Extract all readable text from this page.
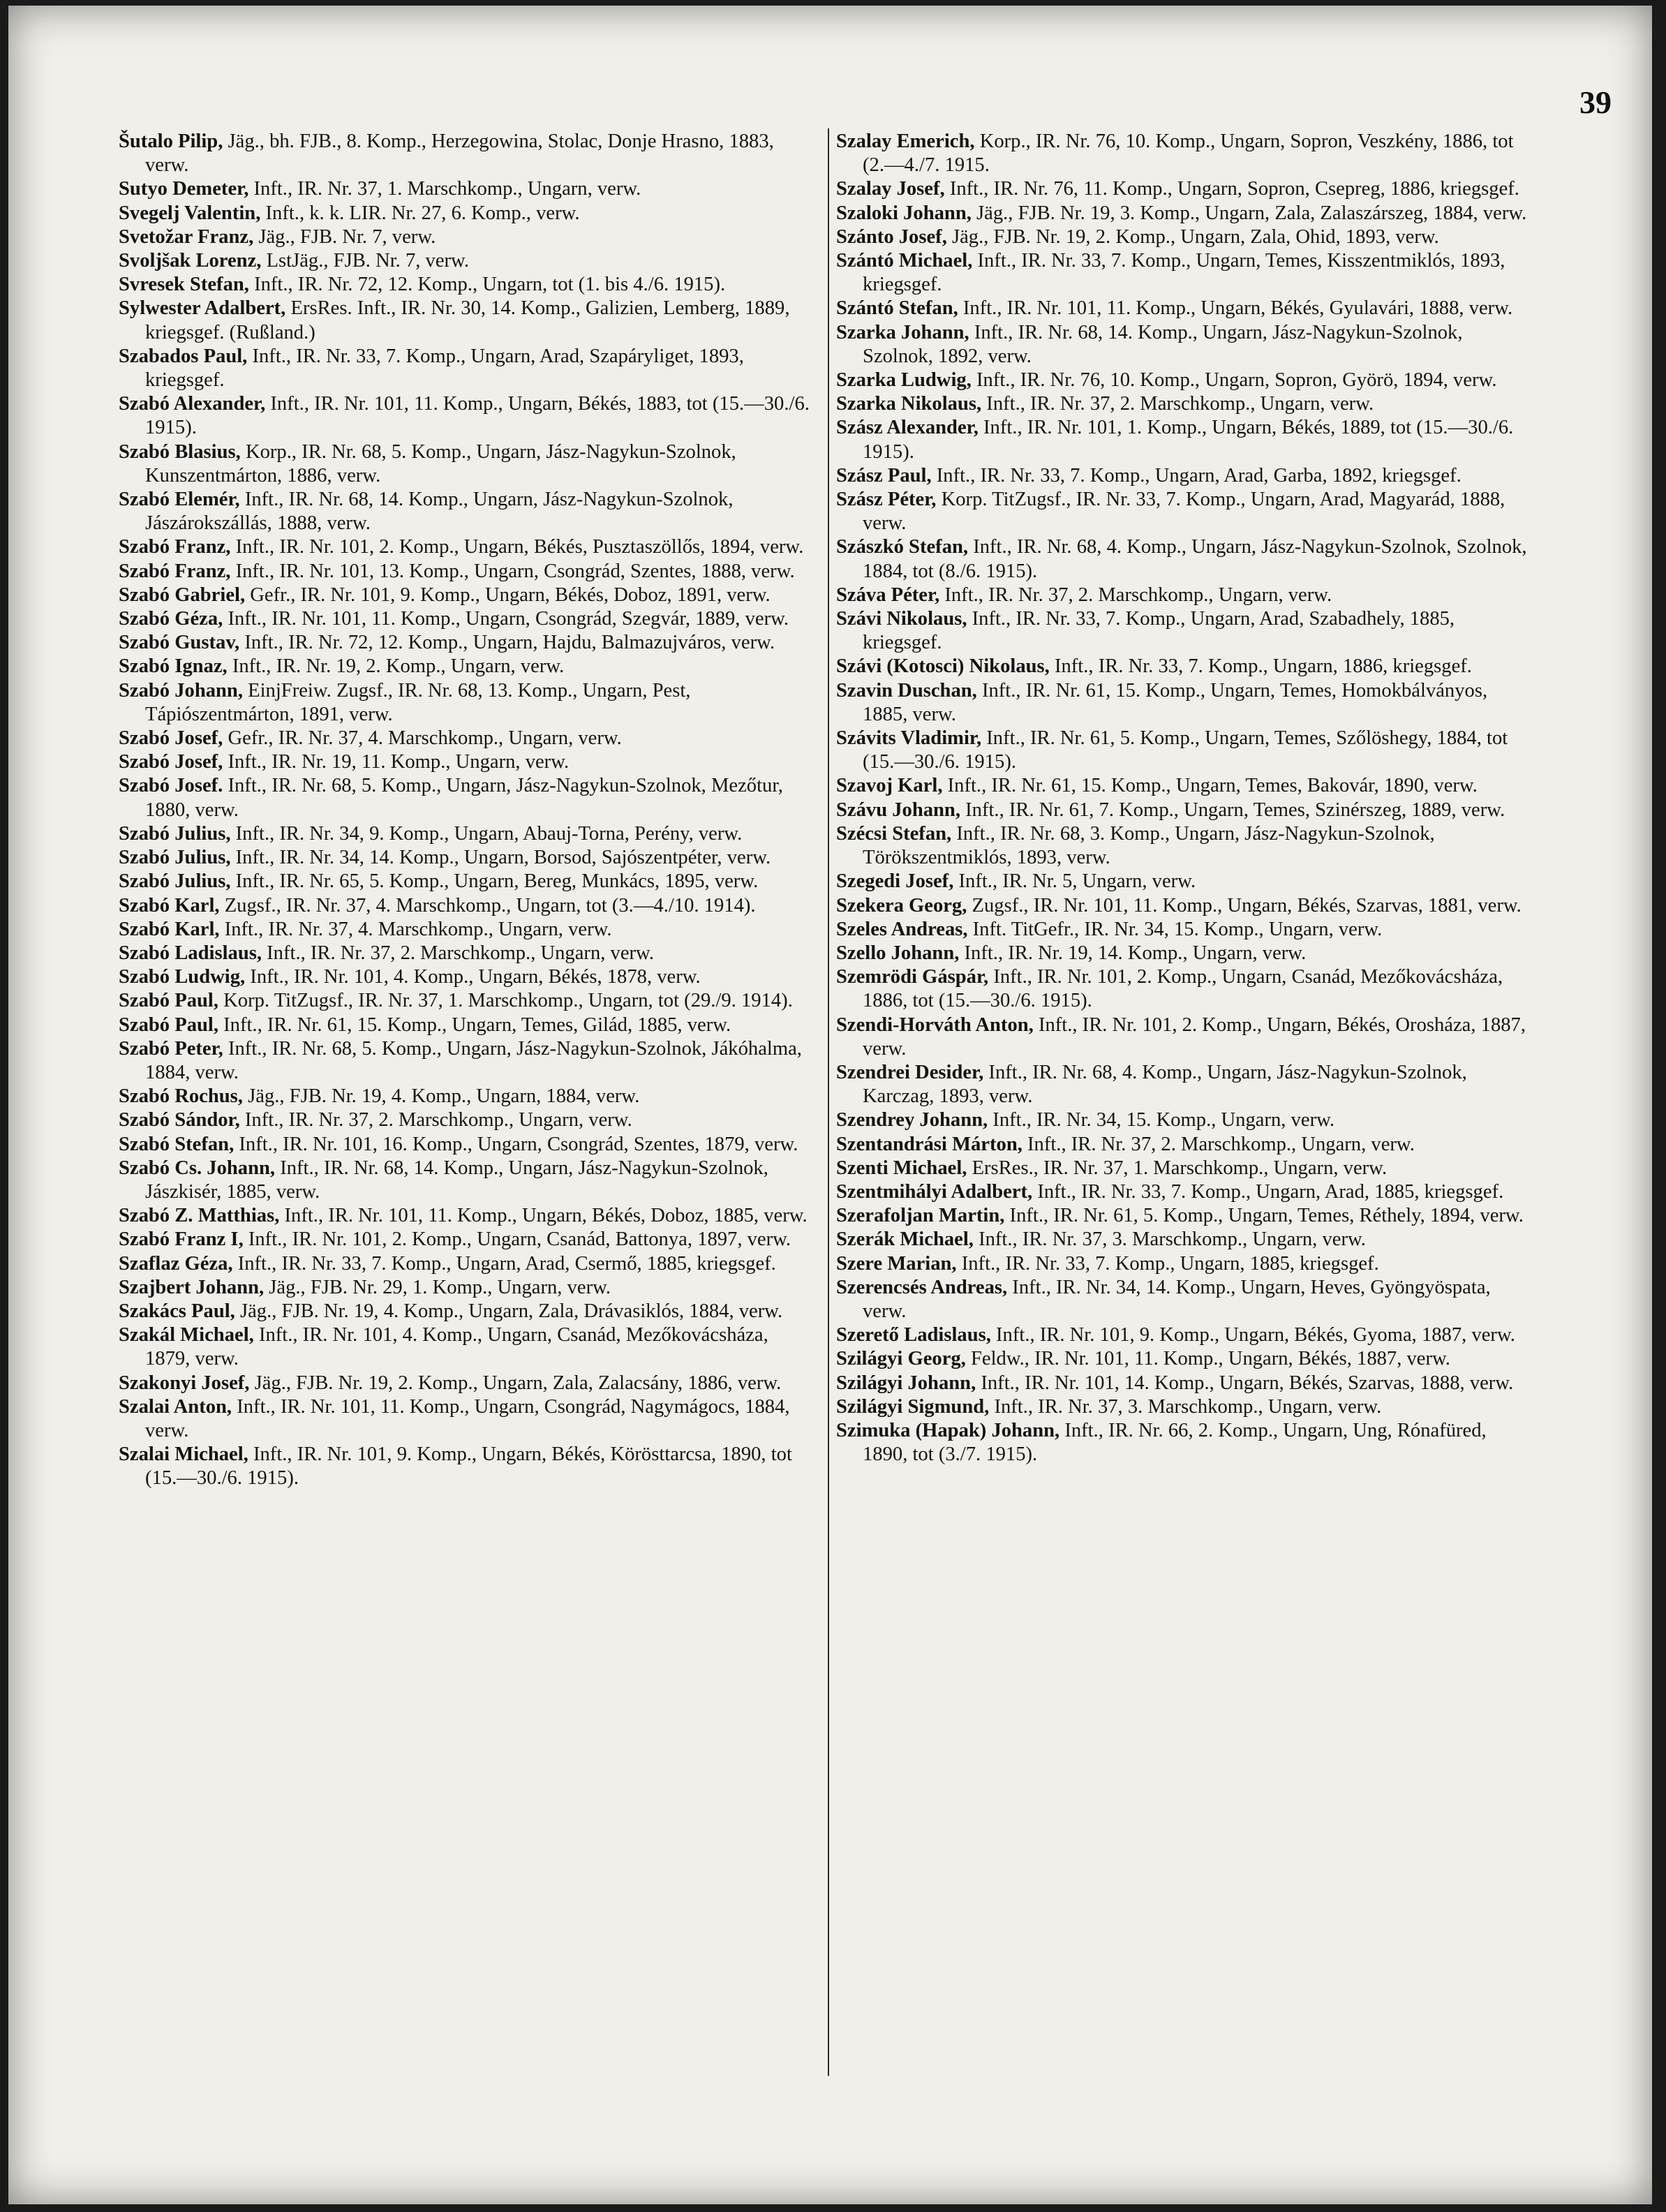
39

Šutalo Pilip, Jäg., bh. FJB., 8. Komp., Herzegowina, Stolac, Donje Hrasno, 1883, verw.

Sutyo Demeter, Inft., IR. Nr. 37, 1. Marschkomp., Ungarn, verw.

Svegelj Valentin, Inft., k. k. LIR. Nr. 27, 6. Komp., verw.

Svetožar Franz, Jäg., FJB. Nr. 7, verw.

Svoljšak Lorenz, LstJäg., FJB. Nr. 7, verw.

Svresek Stefan, Inft., IR. Nr. 72, 12. Komp., Ungarn, tot (1. bis 4./6. 1915).

Sylwester Adalbert, ErsRes. Inft., IR. Nr. 30, 14. Komp., Galizien, Lemberg, 1889, kriegsgef. (Rußland.)

Szabados Paul, Inft., IR. Nr. 33, 7. Komp., Ungarn, Arad, Szapáryliget, 1893, kriegsgef.

Szabó Alexander, Inft., IR. Nr. 101, 11. Komp., Ungarn, Békés, 1883, tot (15.—30./6. 1915).

Szabó Blasius, Korp., IR. Nr. 68, 5. Komp., Ungarn, Jász-Nagykun-Szolnok, Kunszentmárton, 1886, verw.

Szabó Elemér, Inft., IR. Nr. 68, 14. Komp., Ungarn, Jász-Nagykun-Szolnok, Jászárokszállás, 1888, verw.

Szabó Franz, Inft., IR. Nr. 101, 2. Komp., Ungarn, Békés, Pusztaszöllős, 1894, verw.

Szabó Franz, Inft., IR. Nr. 101, 13. Komp., Ungarn, Csongrád, Szentes, 1888, verw.

Szabó Gabriel, Gefr., IR. Nr. 101, 9. Komp., Ungarn, Békés, Doboz, 1891, verw.

Szabó Géza, Inft., IR. Nr. 101, 11. Komp., Ungarn, Csongrád, Szegvár, 1889, verw.

Szabó Gustav, Inft., IR. Nr. 72, 12. Komp., Ungarn, Hajdu, Balmazujváros, verw.

Szabó Ignaz, Inft., IR. Nr. 19, 2. Komp., Ungarn, verw.

Szabó Johann, EinjFreiw. Zugsf., IR. Nr. 68, 13. Komp., Ungarn, Pest, Tápiószentmárton, 1891, verw.

Szabó Josef, Gefr., IR. Nr. 37, 4. Marschkomp., Ungarn, verw.

Szabó Josef, Inft., IR. Nr. 19, 11. Komp., Ungarn, verw.

Szabó Josef. Inft., IR. Nr. 68, 5. Komp., Ungarn, Jász-Nagykun-Szolnok, Mezőtur, 1880, verw.

Szabó Julius, Inft., IR. Nr. 34, 9. Komp., Ungarn, Abauj-Torna, Perény, verw.

Szabó Julius, Inft., IR. Nr. 34, 14. Komp., Ungarn, Borsod, Sajószentpéter, verw.

Szabó Julius, Inft., IR. Nr. 65, 5. Komp., Ungarn, Bereg, Munkács, 1895, verw.

Szabó Karl, Zugsf., IR. Nr. 37, 4. Marschkomp., Ungarn, tot (3.—4./10. 1914).

Szabó Karl, Inft., IR. Nr. 37, 4. Marschkomp., Ungarn, verw.

Szabó Ladislaus, Inft., IR. Nr. 37, 2. Marschkomp., Ungarn, verw.

Szabó Ludwig, Inft., IR. Nr. 101, 4. Komp., Ungarn, Békés, 1878, verw.

Szabó Paul, Korp. TitZugsf., IR. Nr. 37, 1. Marschkomp., Ungarn, tot (29./9. 1914).

Szabó Paul, Inft., IR. Nr. 61, 15. Komp., Ungarn, Temes, Gilád, 1885, verw.

Szabó Peter, Inft., IR. Nr. 68, 5. Komp., Ungarn, Jász-Nagykun-Szolnok, Jákóhalma, 1884, verw.

Szabó Rochus, Jäg., FJB. Nr. 19, 4. Komp., Ungarn, 1884, verw.

Szabó Sándor, Inft., IR. Nr. 37, 2. Marschkomp., Ungarn, verw.

Szabó Stefan, Inft., IR. Nr. 101, 16. Komp., Ungarn, Csongrád, Szentes, 1879, verw.

Szabó Cs. Johann, Inft., IR. Nr. 68, 14. Komp., Ungarn, Jász-Nagykun-Szolnok, Jászkisér, 1885, verw.

Szabó Z. Matthias, Inft., IR. Nr. 101, 11. Komp., Ungarn, Békés, Doboz, 1885, verw.

Szabó Franz I, Inft., IR. Nr. 101, 2. Komp., Ungarn, Csanád, Battonya, 1897, verw.

Szaflaz Géza, Inft., IR. Nr. 33, 7. Komp., Ungarn, Arad, Csermő, 1885, kriegsgef.

Szajbert Johann, Jäg., FJB. Nr. 29, 1. Komp., Ungarn, verw.

Szakács Paul, Jäg., FJB. Nr. 19, 4. Komp., Ungarn, Zala, Drávasiklós, 1884, verw.

Szakál Michael, Inft., IR. Nr. 101, 4. Komp., Ungarn, Csanád, Mezőkovácsháza, 1879, verw.

Szakonyi Josef, Jäg., FJB. Nr. 19, 2. Komp., Ungarn, Zala, Zalacsány, 1886, verw.

Szalai Anton, Inft., IR. Nr. 101, 11. Komp., Ungarn, Csongrád, Nagymágocs, 1884, verw.

Szalai Michael, Inft., IR. Nr. 101, 9. Komp., Ungarn, Békés, Körösttarcsa, 1890, tot (15.—30./6. 1915).

Szalay Emerich, Korp., IR. Nr. 76, 10. Komp., Ungarn, Sopron, Veszkény, 1886, tot (2.—4./7. 1915.

Szalay Josef, Inft., IR. Nr. 76, 11. Komp., Ungarn, Sopron, Csepreg, 1886, kriegsgef.

Szaloki Johann, Jäg., FJB. Nr. 19, 3. Komp., Ungarn, Zala, Zalaszárszeg, 1884, verw.

Szánto Josef, Jäg., FJB. Nr. 19, 2. Komp., Ungarn, Zala, Ohid, 1893, verw.

Szántó Michael, Inft., IR. Nr. 33, 7. Komp., Ungarn, Temes, Kisszentmiklós, 1893, kriegsgef.

Szántó Stefan, Inft., IR. Nr. 101, 11. Komp., Ungarn, Békés, Gyulavári, 1888, verw.

Szarka Johann, Inft., IR. Nr. 68, 14. Komp., Ungarn, Jász-Nagykun-Szolnok, Szolnok, 1892, verw.

Szarka Ludwig, Inft., IR. Nr. 76, 10. Komp., Ungarn, Sopron, Györö, 1894, verw.

Szarka Nikolaus, Inft., IR. Nr. 37, 2. Marschkomp., Ungarn, verw.

Szász Alexander, Inft., IR. Nr. 101, 1. Komp., Ungarn, Békés, 1889, tot (15.—30./6. 1915).

Szász Paul, Inft., IR. Nr. 33, 7. Komp., Ungarn, Arad, Garba, 1892, kriegsgef.

Szász Péter, Korp. TitZugsf., IR. Nr. 33, 7. Komp., Ungarn, Arad, Magyarád, 1888, verw.

Szászkó Stefan, Inft., IR. Nr. 68, 4. Komp., Ungarn, Jász-Nagykun-Szolnok, Szolnok, 1884, tot (8./6. 1915).

Száva Péter, Inft., IR. Nr. 37, 2. Marschkomp., Ungarn, verw.

Szávi Nikolaus, Inft., IR. Nr. 33, 7. Komp., Ungarn, Arad, Szabadhely, 1885, kriegsgef.

Szávi (Kotosci) Nikolaus, Inft., IR. Nr. 33, 7. Komp., Ungarn, 1886, kriegsgef.

Szavin Duschan, Inft., IR. Nr. 61, 15. Komp., Ungarn, Temes, Homokbálványos, 1885, verw.

Szávits Vladimir, Inft., IR. Nr. 61, 5. Komp., Ungarn, Temes, Szőlöshegy, 1884, tot (15.—30./6. 1915).

Szavoj Karl, Inft., IR. Nr. 61, 15. Komp., Ungarn, Temes, Bakovár, 1890, verw.

Szávu Johann, Inft., IR. Nr. 61, 7. Komp., Ungarn, Temes, Szinérszeg, 1889, verw.

Szécsi Stefan, Inft., IR. Nr. 68, 3. Komp., Ungarn, Jász-Nagykun-Szolnok, Törökszentmiklós, 1893, verw.

Szegedi Josef, Inft., IR. Nr. 5, Ungarn, verw.

Szekera Georg, Zugsf., IR. Nr. 101, 11. Komp., Ungarn, Békés, Szarvas, 1881, verw.

Szeles Andreas, Inft. TitGefr., IR. Nr. 34, 15. Komp., Ungarn, verw.

Szello Johann, Inft., IR. Nr. 19, 14. Komp., Ungarn, verw.

Szemrödi Gáspár, Inft., IR. Nr. 101, 2. Komp., Ungarn, Csanád, Mezőkovácsháza, 1886, tot (15.—30./6. 1915).

Szendi-Horváth Anton, Inft., IR. Nr. 101, 2. Komp., Ungarn, Békés, Orosháza, 1887, verw.

Szendrei Desider, Inft., IR. Nr. 68, 4. Komp., Ungarn, Jász-Nagykun-Szolnok, Karczag, 1893, verw.

Szendrey Johann, Inft., IR. Nr. 34, 15. Komp., Ungarn, verw.

Szentandrási Márton, Inft., IR. Nr. 37, 2. Marschkomp., Ungarn, verw.

Szenti Michael, ErsRes., IR. Nr. 37, 1. Marschkomp., Ungarn, verw.

Szentmihályi Adalbert, Inft., IR. Nr. 33, 7. Komp., Ungarn, Arad, 1885, kriegsgef.

Szerafoljan Martin, Inft., IR. Nr. 61, 5. Komp., Ungarn, Temes, Réthely, 1894, verw.

Szerák Michael, Inft., IR. Nr. 37, 3. Marschkomp., Ungarn, verw.

Szere Marian, Inft., IR. Nr. 33, 7. Komp., Ungarn, 1885, kriegsgef.

Szerencsés Andreas, Inft., IR. Nr. 34, 14. Komp., Ungarn, Heves, Gyöngyöspata, verw.

Szerető Ladislaus, Inft., IR. Nr. 101, 9. Komp., Ungarn, Békés, Gyoma, 1887, verw.

Szilágyi Georg, Feldw., IR. Nr. 101, 11. Komp., Ungarn, Békés, 1887, verw.

Szilágyi Johann, Inft., IR. Nr. 101, 14. Komp., Ungarn, Békés, Szarvas, 1888, verw.

Szilágyi Sigmund, Inft., IR. Nr. 37, 3. Marschkomp., Ungarn, verw.

Szimuka (Hapak) Johann, Inft., IR. Nr. 66, 2. Komp., Ungarn, Ung, Rónafüred, 1890, tot (3./7. 1915).
